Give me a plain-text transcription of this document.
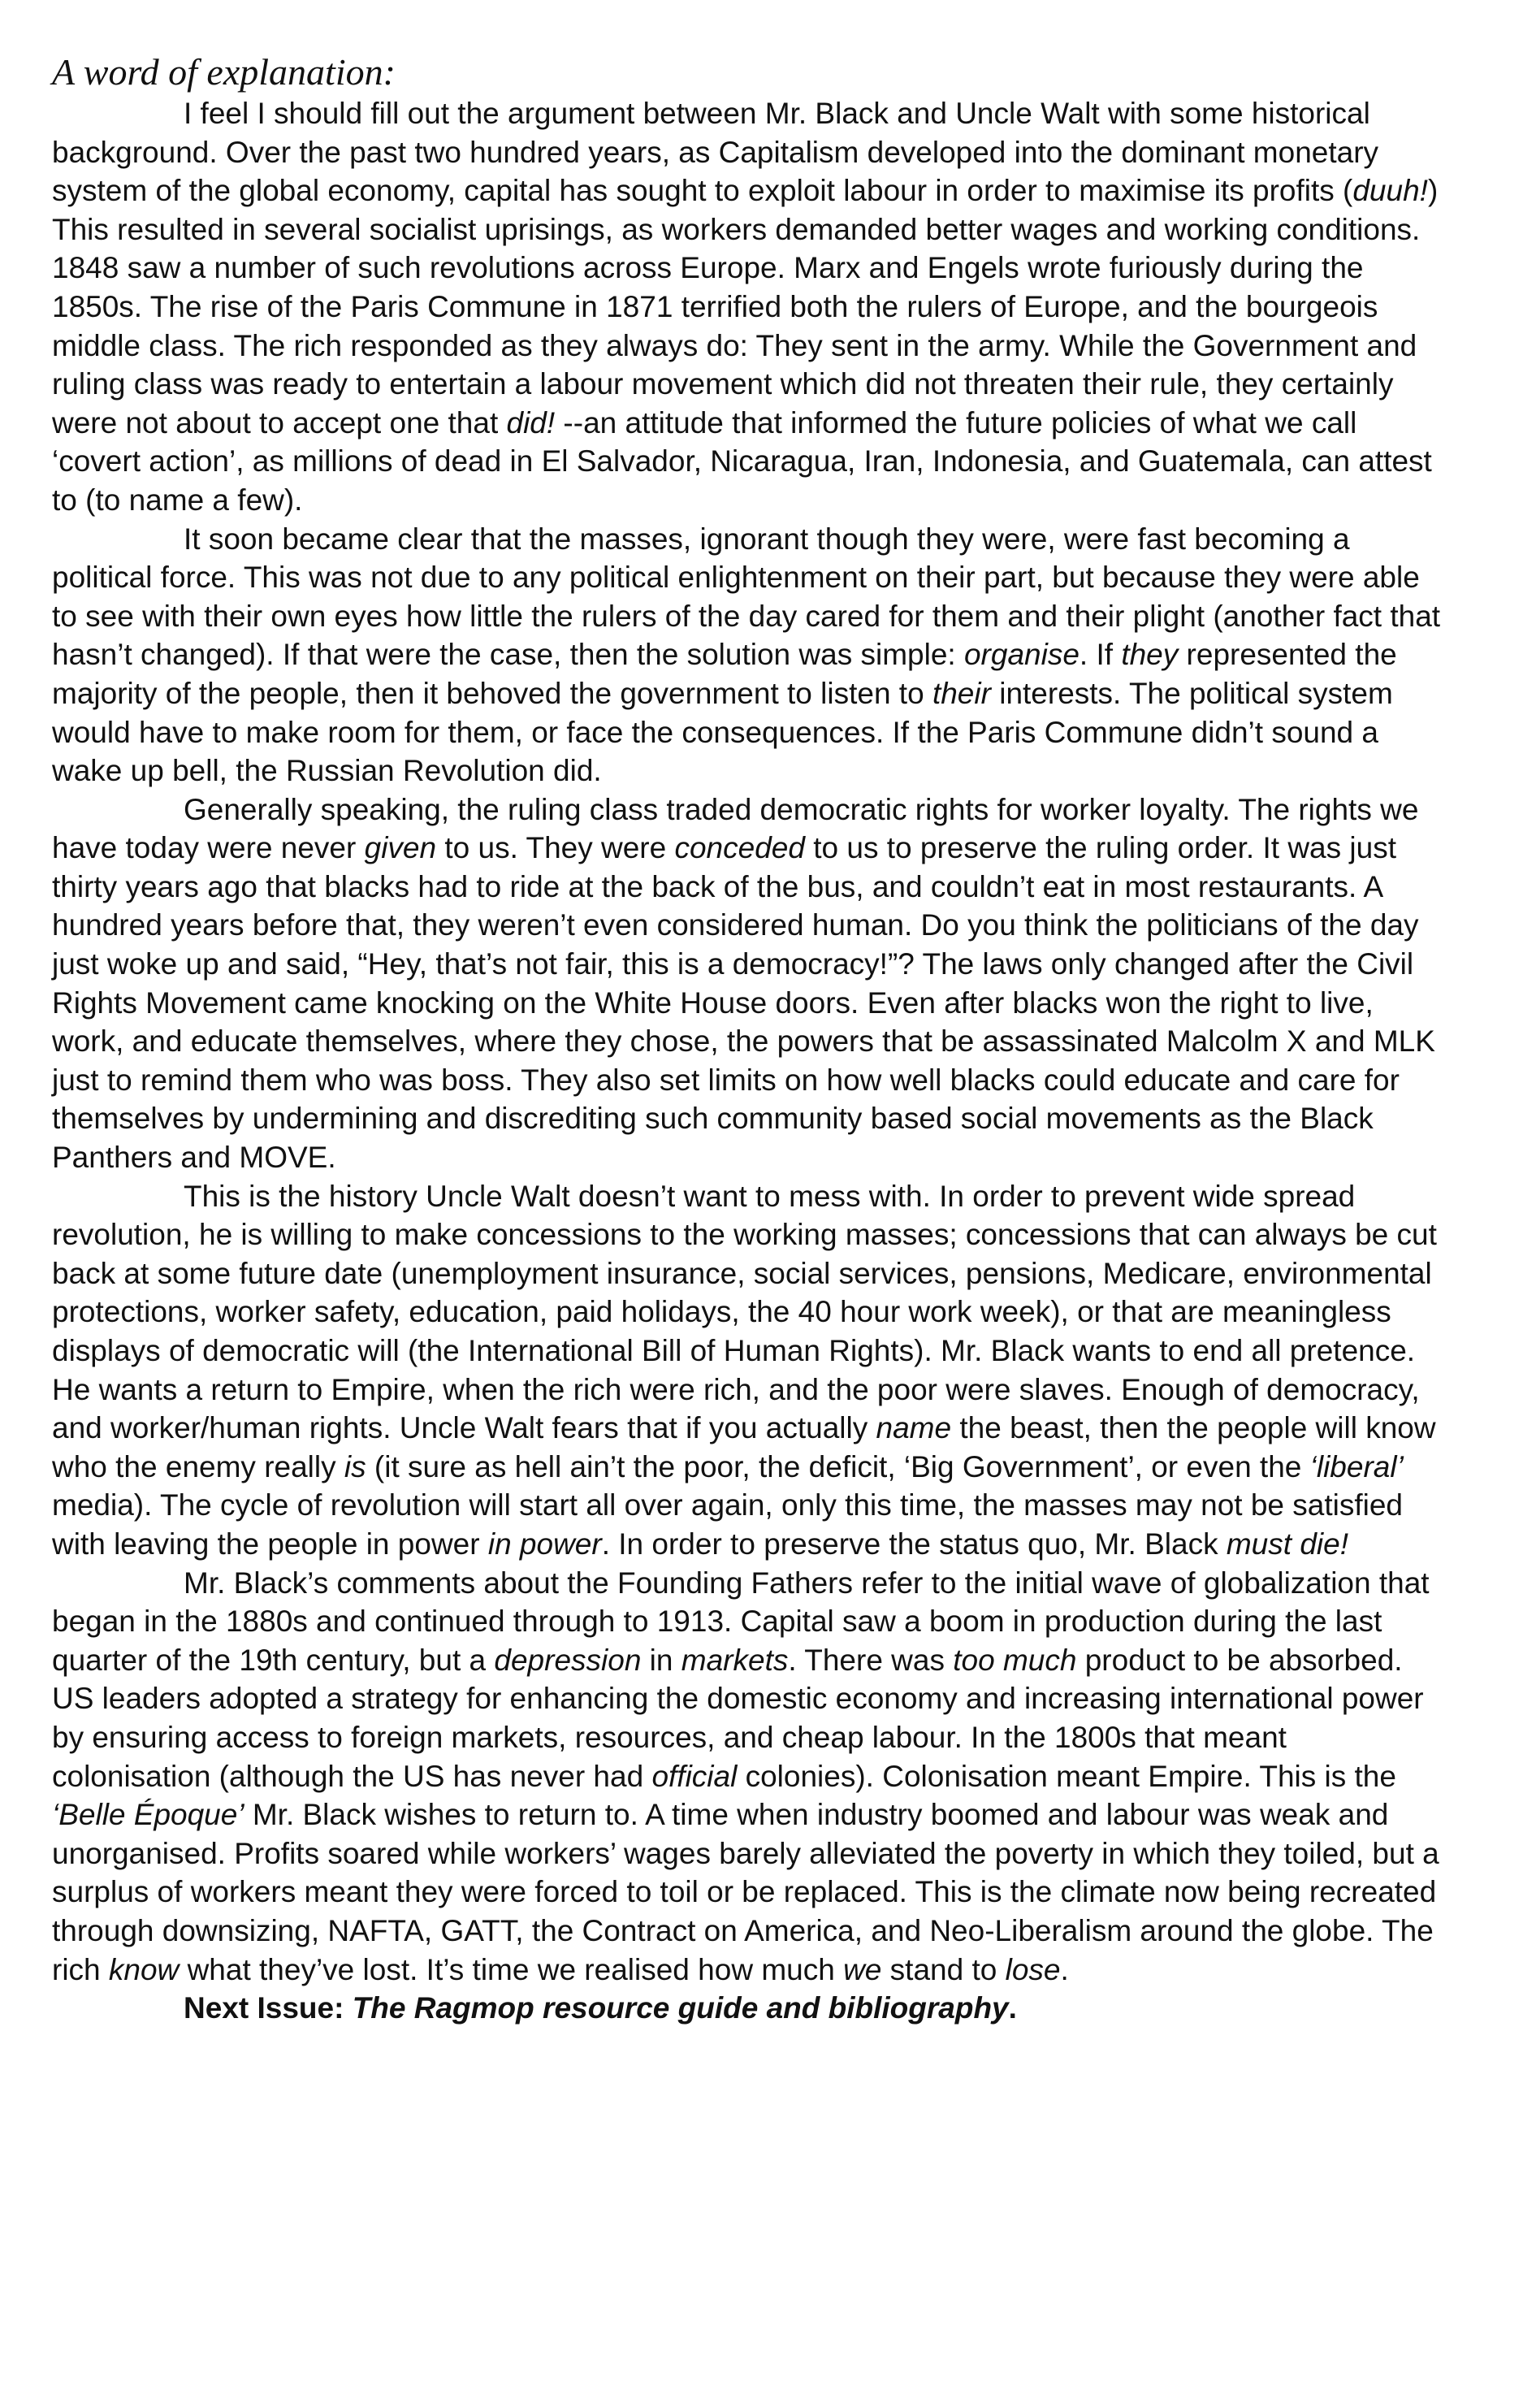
A word of explanation:

I feel I should fill out the argument between Mr. Black and Uncle Walt with some historical background. Over the past two hundred years, as Capitalism developed into the dominant monetary system of the global economy, capital has sought to exploit labour in order to maximise its profits (duuh!) This resulted in several socialist uprisings, as workers demanded better wages and working conditions. 1848 saw a number of such revolutions across Europe. Marx and Engels wrote furiously during the 1850s. The rise of the Paris Commune in 1871 terrified both the rulers of Europe, and the bourgeois middle class. The rich responded as they always do: They sent in the army. While the Government and ruling class was ready to entertain a labour movement which did not threaten their rule, they certainly were not about to accept one that did! --an attitude that informed the future policies of what we call ‘covert action’, as millions of dead in El Salvador, Nicaragua, Iran, Indonesia, and Guatemala, can attest to (to name a few).

It soon became clear that the masses, ignorant though they were, were fast becoming a political force. This was not due to any political enlightenment on their part, but because they were able to see with their own eyes how little the rulers of the day cared for them and their plight (another fact that hasn’t changed). If that were the case, then the solution was simple: organise. If they represented the majority of the people, then it behoved the government to listen to their interests. The political system would have to make room for them, or face the consequences. If the Paris Commune didn’t sound a wake up bell, the Russian Revolution did.

Generally speaking, the ruling class traded democratic rights for worker loyalty. The rights we have today were never given to us. They were conceded to us to preserve the ruling order. It was just thirty years ago that blacks had to ride at the back of the bus, and couldn’t eat in most restaurants. A hundred years before that, they weren’t even considered human. Do you think the politicians of the day just woke up and said, “Hey, that’s not fair, this is a democracy!”? The laws only changed after the Civil Rights Movement came knocking on the White House doors. Even after blacks won the right to live, work, and educate themselves, where they chose, the powers that be assassinated Malcolm X and MLK just to remind them who was boss. They also set limits on how well blacks could educate and care for themselves by undermining and discrediting such community based social movements as the Black Panthers and MOVE.

This is the history Uncle Walt doesn’t want to mess with. In order to prevent wide spread revolution, he is willing to make concessions to the working masses; concessions that can always be cut back at some future date (unemployment insurance, social services, pensions, Medicare, environmental protections, worker safety, education, paid holidays, the 40 hour work week), or that are meaningless displays of democratic will (the International Bill of Human Rights). Mr. Black wants to end all pretence. He wants a return to Empire, when the rich were rich, and the poor were slaves. Enough of democracy, and worker/human rights. Uncle Walt fears that if you actually name the beast, then the people will know who the enemy really is (it sure as hell ain’t the poor, the deficit, ‘Big Government’, or even the ‘liberal’ media). The cycle of revolution will start all over again, only this time, the masses may not be satisfied with leaving the people in power in power. In order to preserve the status quo, Mr. Black must die!

Mr. Black’s comments about the Founding Fathers refer to the initial wave of globalization that began in the 1880s and continued through to 1913. Capital saw a boom in production during the last quarter of the 19th century, but a depression in markets. There was too much product to be absorbed. US leaders adopted a strategy for enhancing the domestic economy and increasing international power by ensuring access to foreign markets, resources, and cheap labour. In the 1800s that meant colonisation (although the US has never had official colonies). Colonisation meant Empire. This is the ‘Belle Époque’ Mr. Black wishes to return to. A time when industry boomed and labour was weak and unorganised. Profits soared while workers’ wages barely alleviated the poverty in which they toiled, but a surplus of workers meant they were forced to toil or be replaced. This is the climate now being recreated through downsizing, NAFTA, GATT, the Contract on America, and Neo-Liberalism around the globe. The rich know what they’ve lost. It’s time we realised how much we stand to lose.

Next Issue: The Ragmop resource guide and bibliography.
